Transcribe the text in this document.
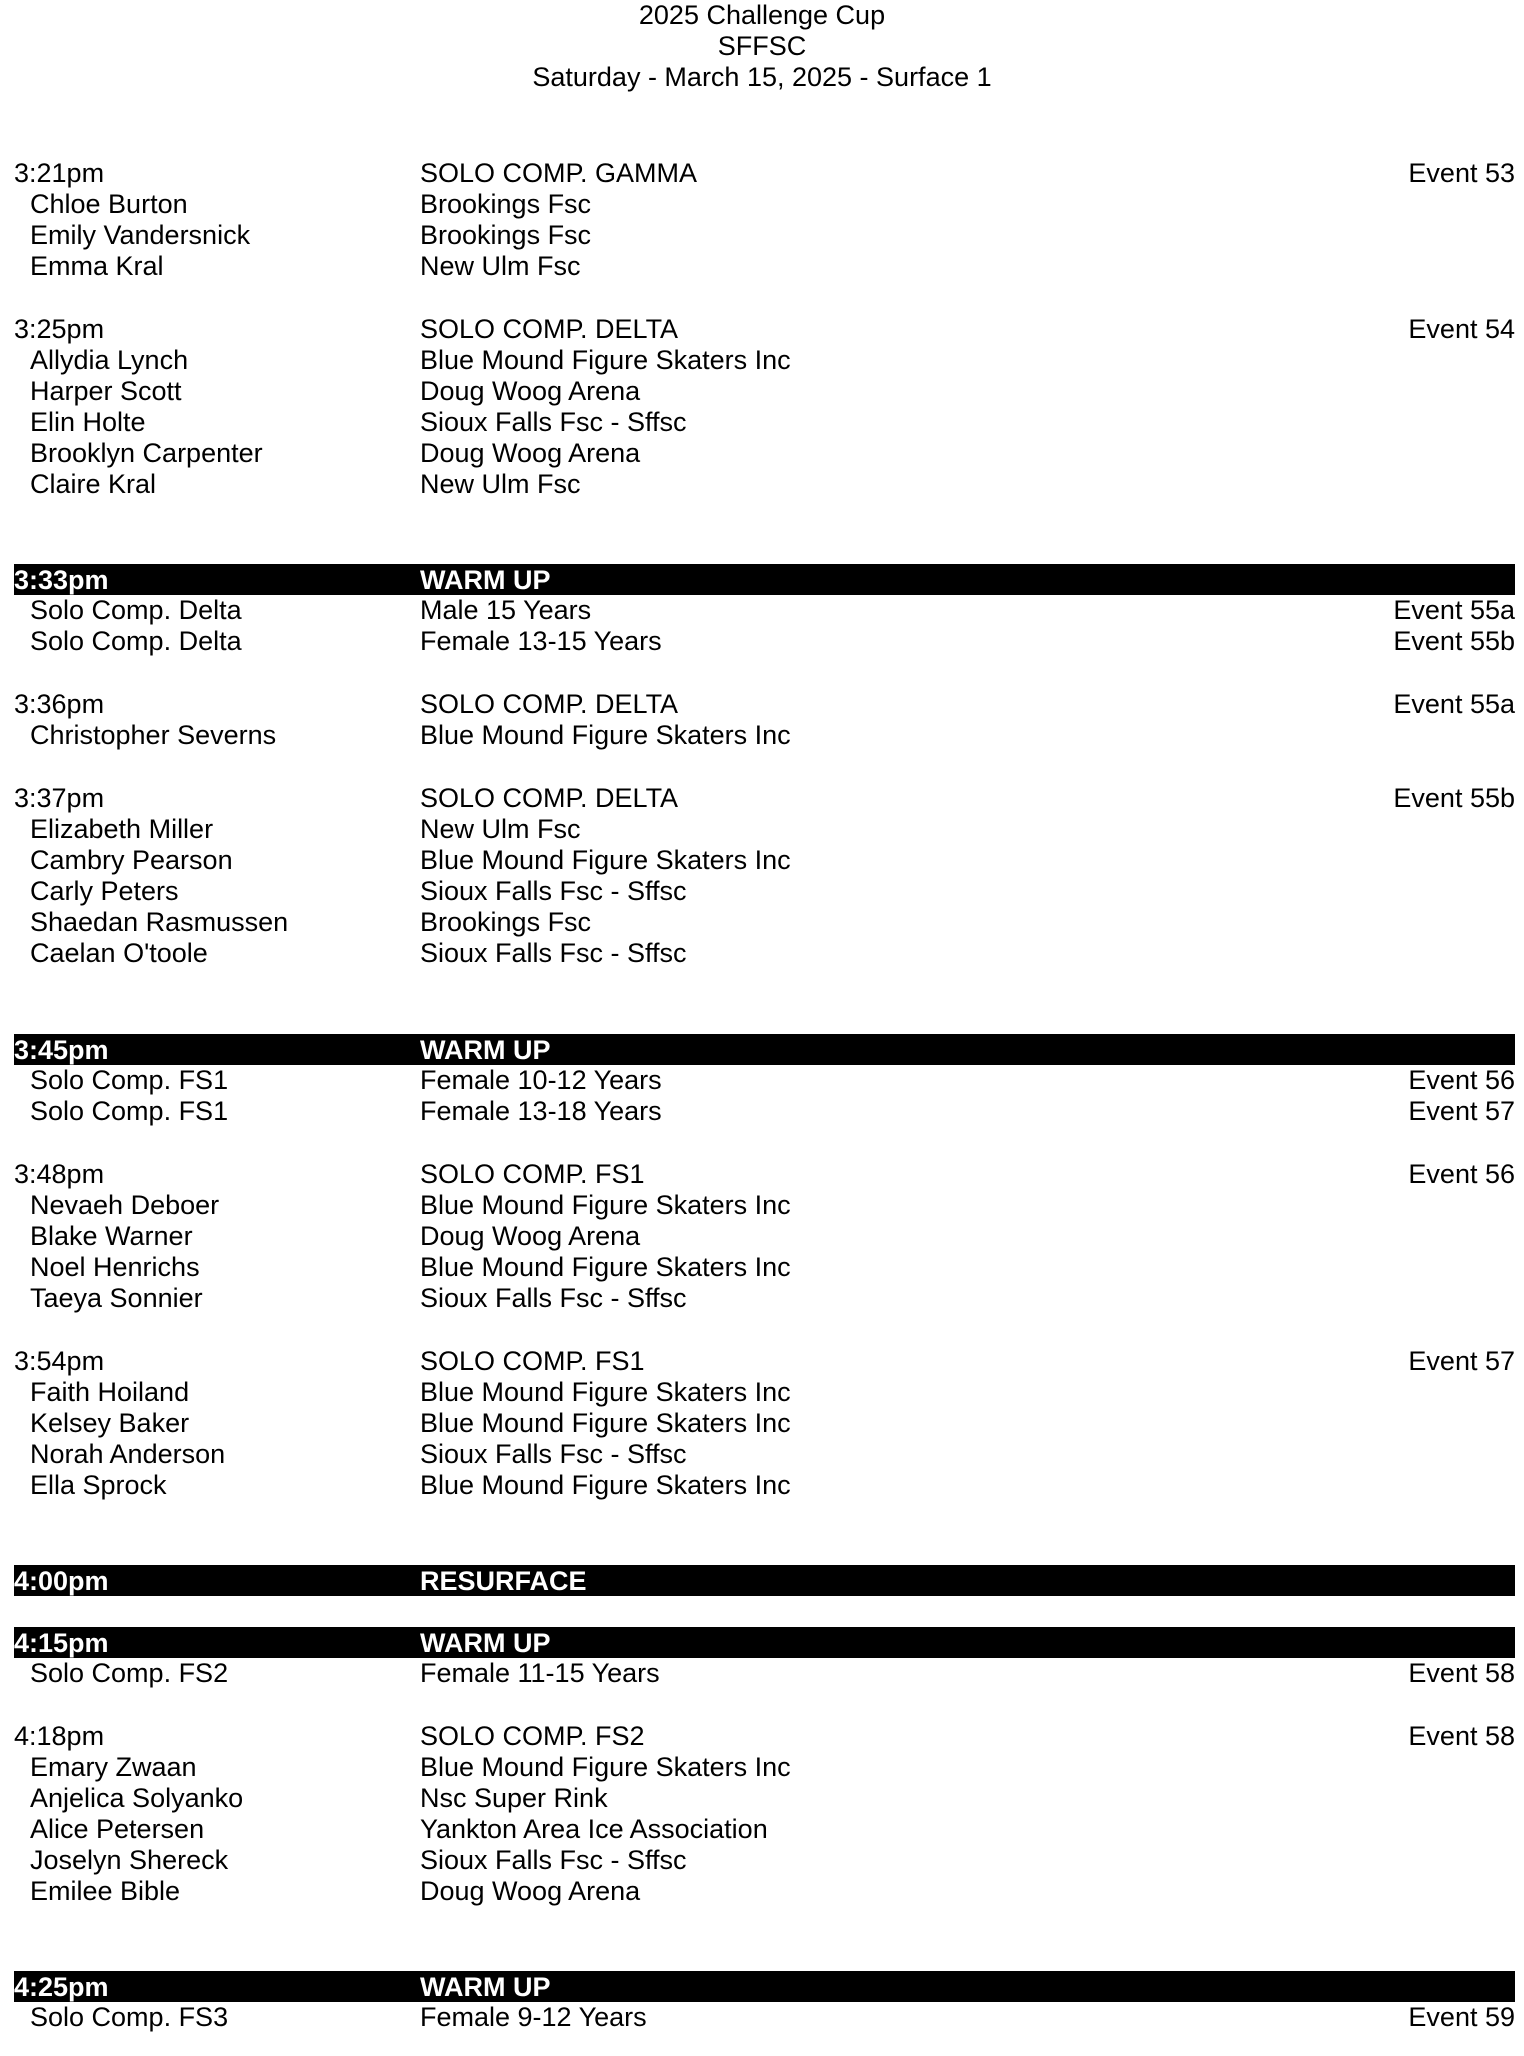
2025 Challenge Cup
SFFSC
Saturday - March 15, 2025 - Surface 1
3:21pm	SOLO COMP. GAMMA	Event 53
Chloe Burton	Brookings Fsc
Emily Vandersnick	Brookings Fsc
Emma Kral	New Ulm Fsc
3:25pm	SOLO COMP. DELTA	Event 54
Allydia Lynch	Blue Mound Figure Skaters Inc
Harper Scott	Doug Woog Arena
Elin Holte	Sioux Falls Fsc - Sffsc
Brooklyn Carpenter	Doug Woog Arena
Claire Kral	New Ulm Fsc
3:33pm	WARM UP
Solo Comp. Delta	Male 15 Years	Event 55a
Solo Comp. Delta	Female 13-15 Years	Event 55b
3:36pm	SOLO COMP. DELTA	Event 55a
Christopher Severns	Blue Mound Figure Skaters Inc
3:37pm	SOLO COMP. DELTA	Event 55b
Elizabeth Miller	New Ulm Fsc
Cambry Pearson	Blue Mound Figure Skaters Inc
Carly Peters	Sioux Falls Fsc - Sffsc
Shaedan Rasmussen	Brookings Fsc
Caelan O'toole	Sioux Falls Fsc - Sffsc
3:45pm	WARM UP
Solo Comp. FS1	Female 10-12 Years	Event 56
Solo Comp. FS1	Female 13-18 Years	Event 57
3:48pm	SOLO COMP. FS1	Event 56
Nevaeh Deboer	Blue Mound Figure Skaters Inc
Blake Warner	Doug Woog Arena
Noel Henrichs	Blue Mound Figure Skaters Inc
Taeya Sonnier	Sioux Falls Fsc - Sffsc
3:54pm	SOLO COMP. FS1	Event 57
Faith Hoiland	Blue Mound Figure Skaters Inc
Kelsey Baker	Blue Mound Figure Skaters Inc
Norah Anderson	Sioux Falls Fsc - Sffsc
Ella Sprock	Blue Mound Figure Skaters Inc
4:00pm	RESURFACE
4:15pm	WARM UP
Solo Comp. FS2	Female 11-15 Years	Event 58
4:18pm	SOLO COMP. FS2	Event 58
Emary Zwaan	Blue Mound Figure Skaters Inc
Anjelica Solyanko	Nsc Super Rink
Alice Petersen	Yankton Area Ice Association
Joselyn Shereck	Sioux Falls Fsc - Sffsc
Emilee Bible	Doug Woog Arena
4:25pm	WARM UP
Solo Comp. FS3	Female 9-12 Years	Event 59
